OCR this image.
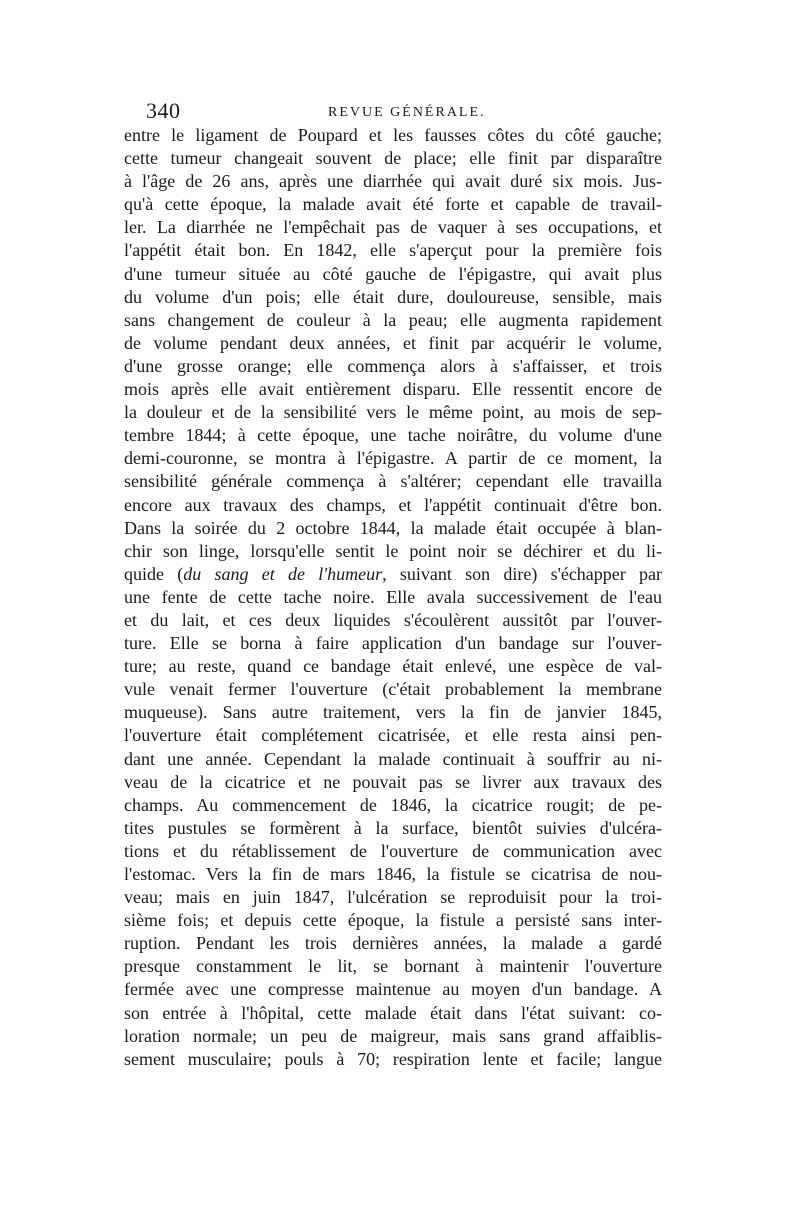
340	REVUE GÉNÉRALE.
entre le ligament de Poupard et les fausses côtes du côté gauche;
cette tumeur changeait souvent de place; elle finit par disparaître
à l'âge de 26 ans, après une diarrhée qui avait duré six mois. Jus-
qu'à cette époque, la malade avait été forte et capable de travail-
ler. La diarrhée ne l'empêchait pas de vaquer à ses occupations, et
l'appétit était bon. En 1842, elle s'aperçut pour la première fois
d'une tumeur située au côté gauche de l'épigastre, qui avait plus
du volume d'un pois; elle était dure, douloureuse, sensible, mais
sans changement de couleur à la peau; elle augmenta rapidement
de volume pendant deux années, et finit par acquérir le volume,
d'une grosse orange; elle commença alors à s'affaisser, et trois
mois après elle avait entièrement disparu. Elle ressentit encore de
la douleur et de la sensibilité vers le même point, au mois de sep-
tembre 1844; à cette époque, une tache noirâtre, du volume d'une
demi-couronne, se montra à l'épigastre. A partir de ce moment, la
sensibilité générale commença à s'altérer; cependant elle travailla
encore aux travaux des champs, et l'appétit continuait d'être bon.
Dans la soirée du 2 octobre 1844, la malade était occupée à blan-
chir son linge, lorsqu'elle sentit le point noir se déchirer et du li-
quide (du sang et de l'humeur, suivant son dire) s'échapper par
une fente de cette tache noire. Elle avala successivement de l'eau
et du lait, et ces deux liquides s'écoulèrent aussitôt par l'ouver-
ture. Elle se borna à faire application d'un bandage sur l'ouver-
ture; au reste, quand ce bandage était enlevé, une espèce de val-
vule venait fermer l'ouverture (c'était probablement la membrane
muqueuse). Sans autre traitement, vers la fin de janvier 1845,
l'ouverture était complétement cicatrisée, et elle resta ainsi pen-
dant une année. Cependant la malade continuait à souffrir au ni-
veau de la cicatrice et ne pouvait pas se livrer aux travaux des
champs. Au commencement de 1846, la cicatrice rougit; de pe-
tites pustules se formèrent à la surface, bientôt suivies d'ulcéra-
tions et du rétablissement de l'ouverture de communication avec
l'estomac. Vers la fin de mars 1846, la fistule se cicatrisa de nou-
veau; mais en juin 1847, l'ulcération se reproduisit pour la troi-
sième fois; et depuis cette époque, la fistule a persisté sans inter-
ruption. Pendant les trois dernières années, la malade a gardé
presque constamment le lit, se bornant à maintenir l'ouverture
fermée avec une compresse maintenue au moyen d'un bandage. A
son entrée à l'hôpital, cette malade était dans l'état suivant: co-
loration normale; un peu de maigreur, mais sans grand affaiblis-
sement musculaire; pouls à 70; respiration lente et facile; langue
